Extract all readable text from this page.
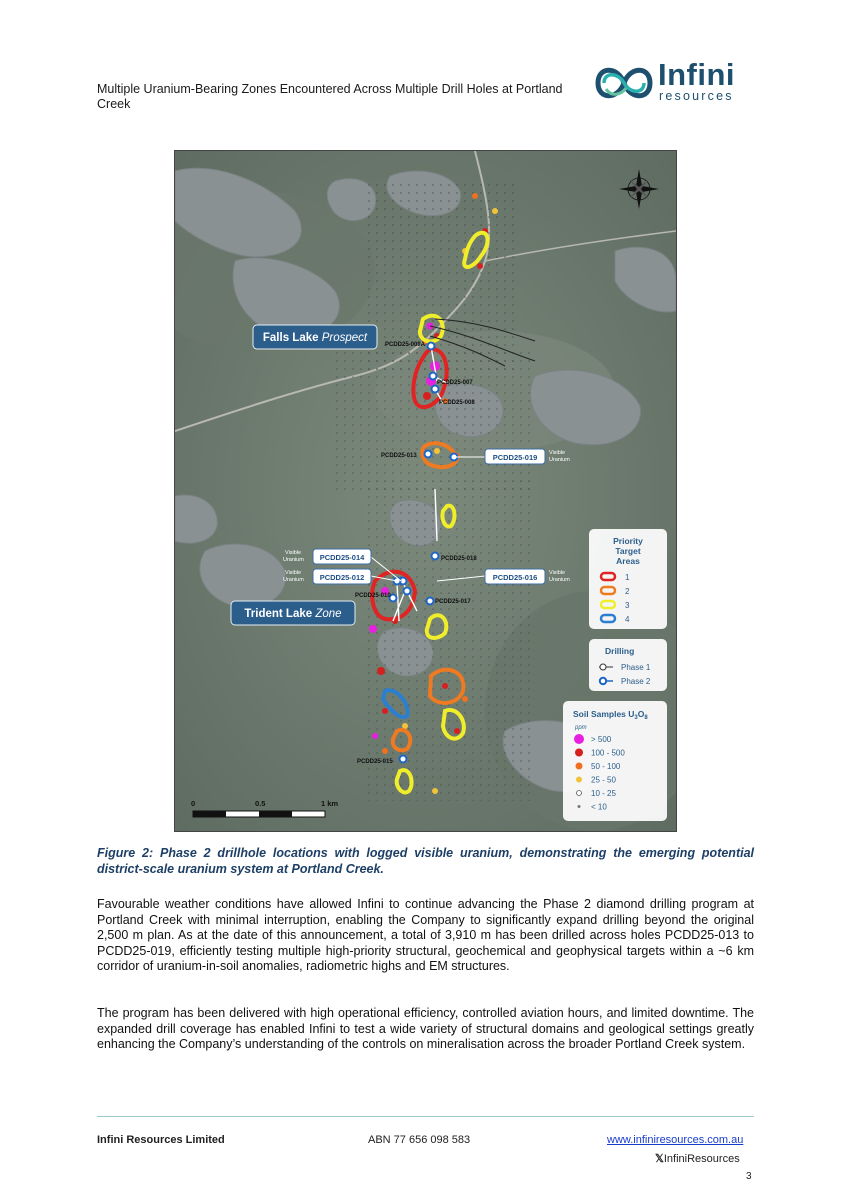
Multiple Uranium-Bearing Zones Encountered Across Multiple Drill Holes at Portland Creek
Infini
resources
PCDD25-009A
PCDD25-007
PCDD25-008
PCDD25-013
PCDD25-018
PCDD25-010
PCDD25-017
PCDD25-015
PCDD25-019 Visible
Uranium
PCDD25-014
Visible
Uranium
PCDD25-012
Visible
Uranium	PCDD25-016 Visible
Uranium
Falls Lake Prospect
Trident Lake Zone
Priority
Target
Areas
1
2
3
4
Drilling
Phase 1
Phase 2
Soil Samples $U_3O_8$
ppm
> 500
100 - 500
50 - 100
25 - 50
10 - 25
< 10
0	0.5	1 km
Figure 2: Phase 2 drillhole locations with logged visible uranium, demonstrating the emerging potential district-scale uranium system at Portland Creek.

Favourable weather conditions have allowed Infini to continue advancing the Phase 2 diamond drilling program at Portland Creek with minimal interruption, enabling the Company to significantly expand drilling beyond the original 2,500 m plan. As at the date of this announcement, a total of 3,910 m has been drilled across holes PCDD25-013 to PCDD25-019, efficiently testing multiple high-priority structural, geochemical and geophysical targets within a ~6 km corridor of uranium-in-soil anomalies, radiometric highs and EM structures.

The program has been delivered with high operational efficiency, controlled aviation hours, and limited downtime. The expanded drill coverage has enabled Infini to test a wide variety of structural domains and geological settings greatly enhancing the Company’s understanding of the controls on mineralisation across the broader Portland Creek system.

Infini Resources Limited	ABN 77 656 098 583	www.infiniresources.com.au
𝕏InfiniResources
3
